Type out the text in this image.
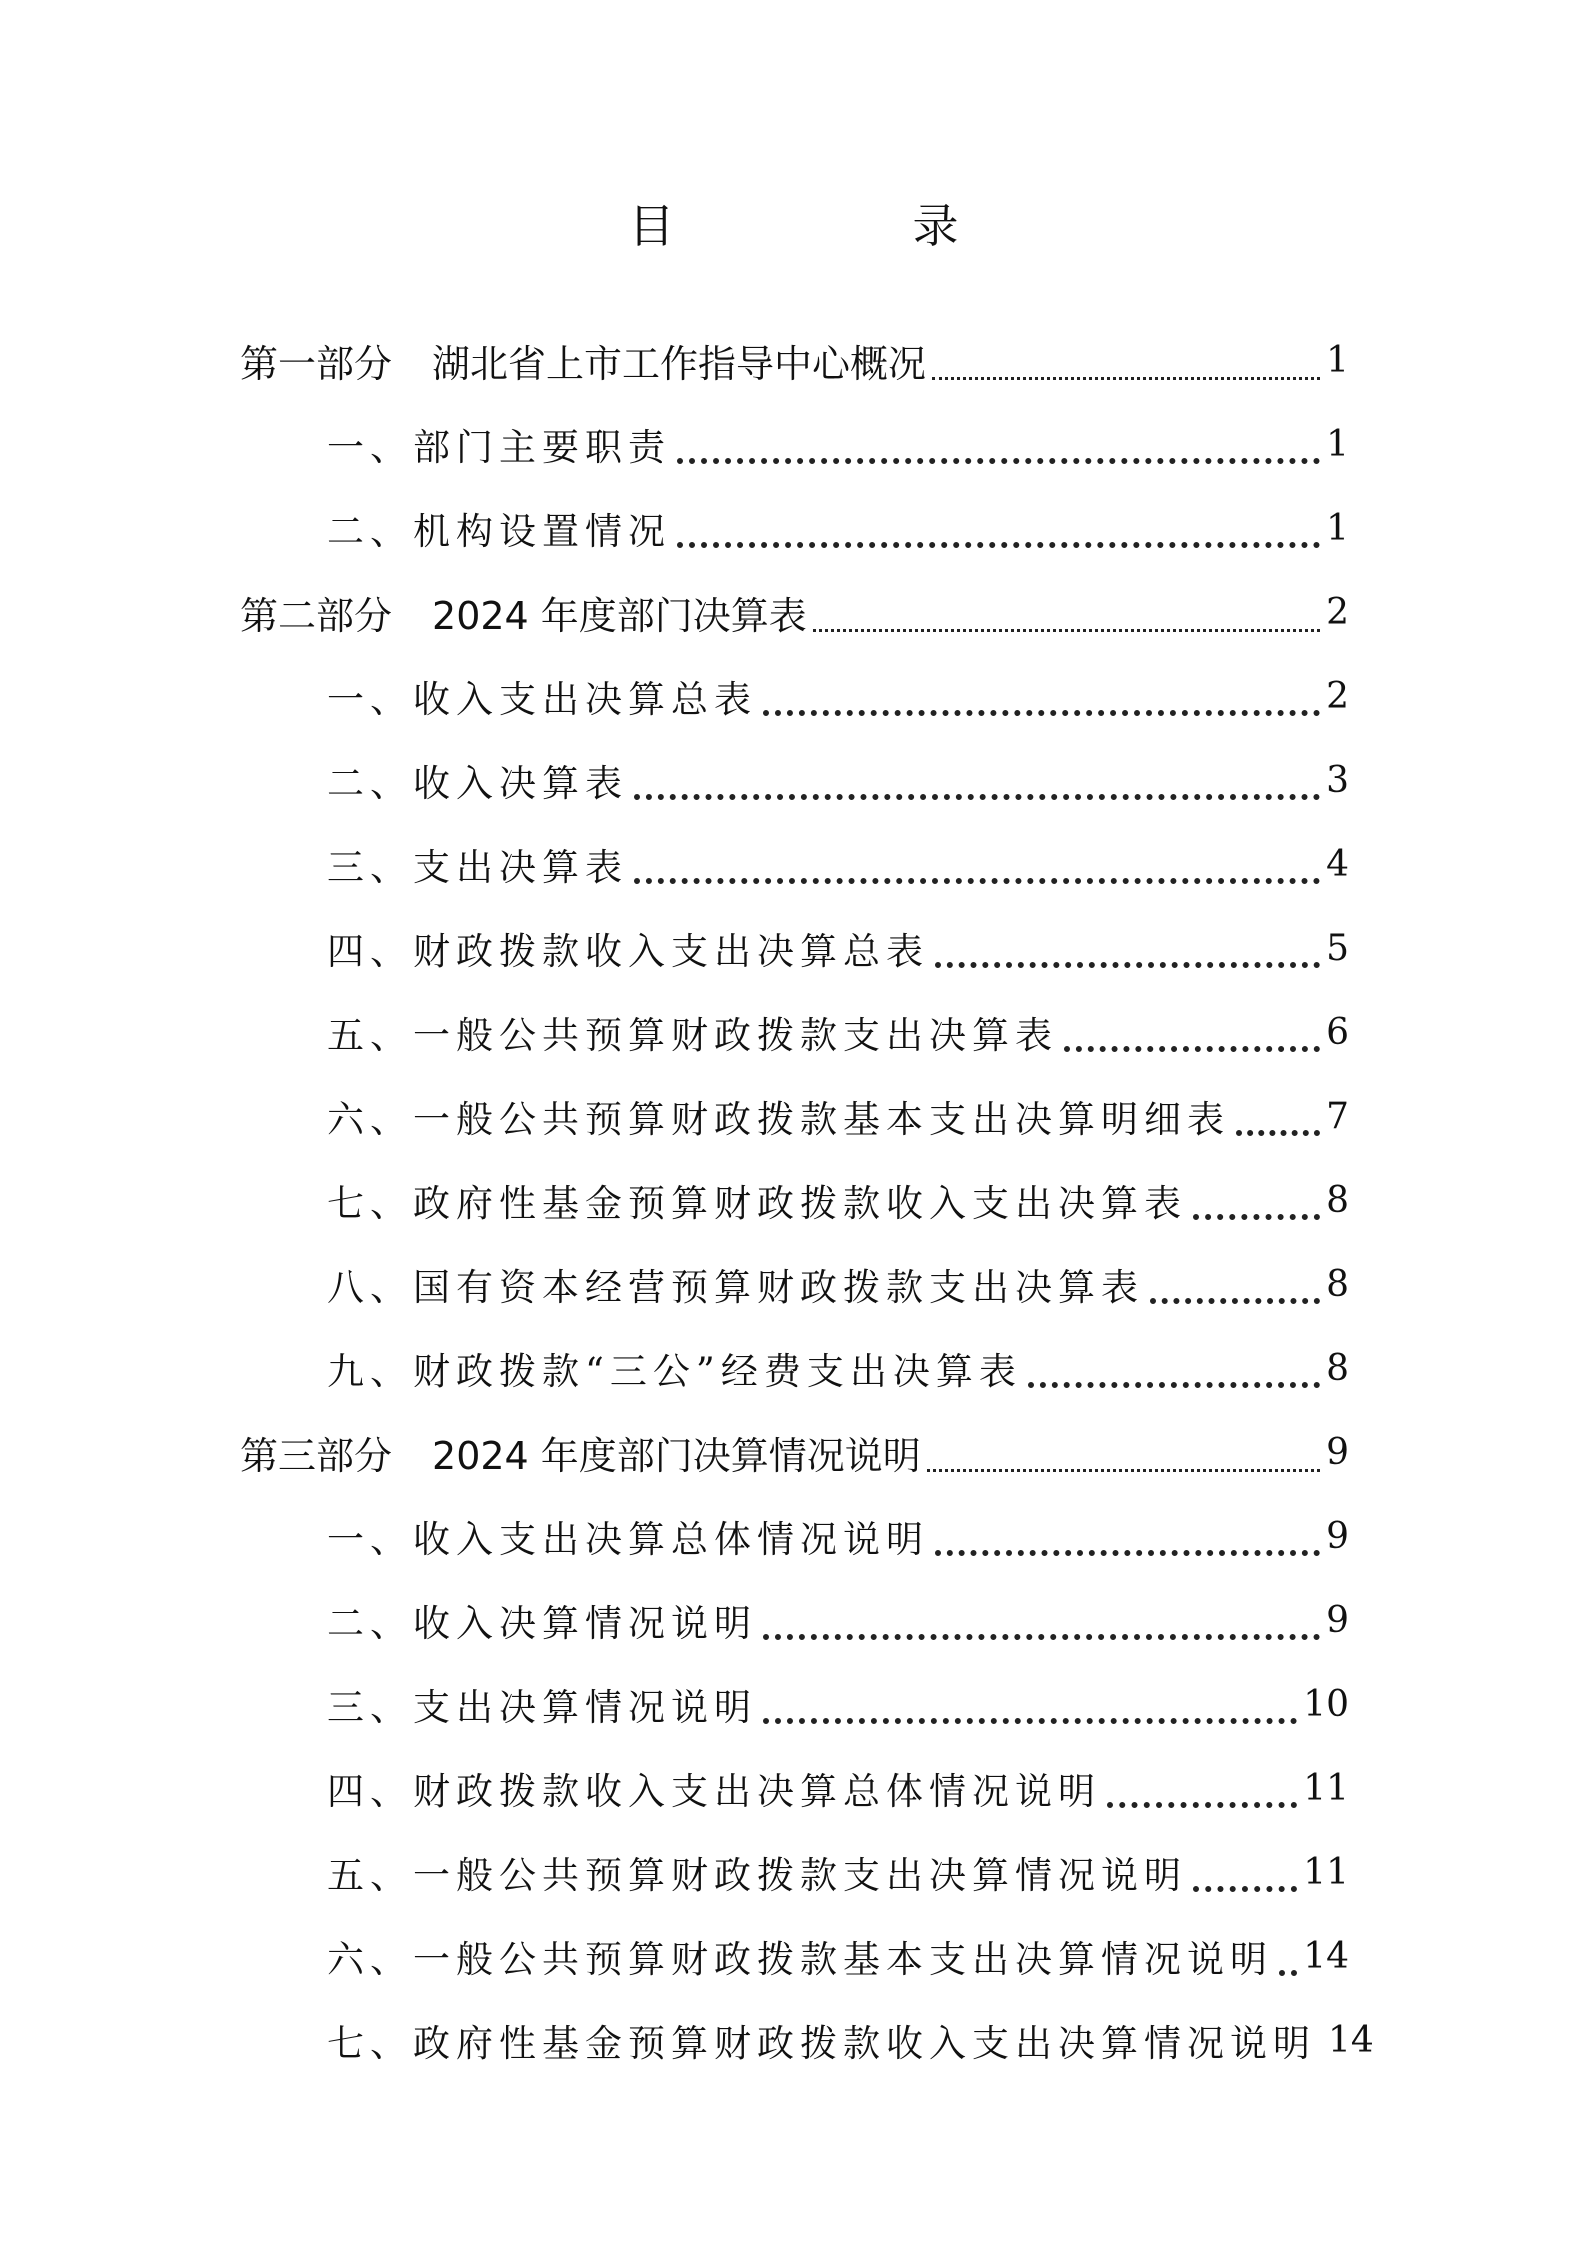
目　录
第一部分 湖北省上市工作指导中心概况	1
一、部门主要职责	1
二、机构设置情况	1
第二部分 2024 年度部门决算表	2
一、收入支出决算总表	2
二、收入决算表	3
三、支出决算表	4
四、财政拨款收入支出决算总表	5
五、一般公共预算财政拨款支出决算表	6
六、一般公共预算财政拨款基本支出决算明细表	7
七、政府性基金预算财政拨款收入支出决算表	8
八、国有资本经营预算财政拨款支出决算表	8
九、财政拨款“三公”经费支出决算表	8
第三部分 2024 年度部门决算情况说明	9
一、收入支出决算总体情况说明	9
二、收入决算情况说明	9
三、支出决算情况说明	10
四、财政拨款收入支出决算总体情况说明	11
五、一般公共预算财政拨款支出决算情况说明	11
六、一般公共预算财政拨款基本支出决算情况说明 14
七、政府性基金预算财政拨款收入支出决算情况说明 14
